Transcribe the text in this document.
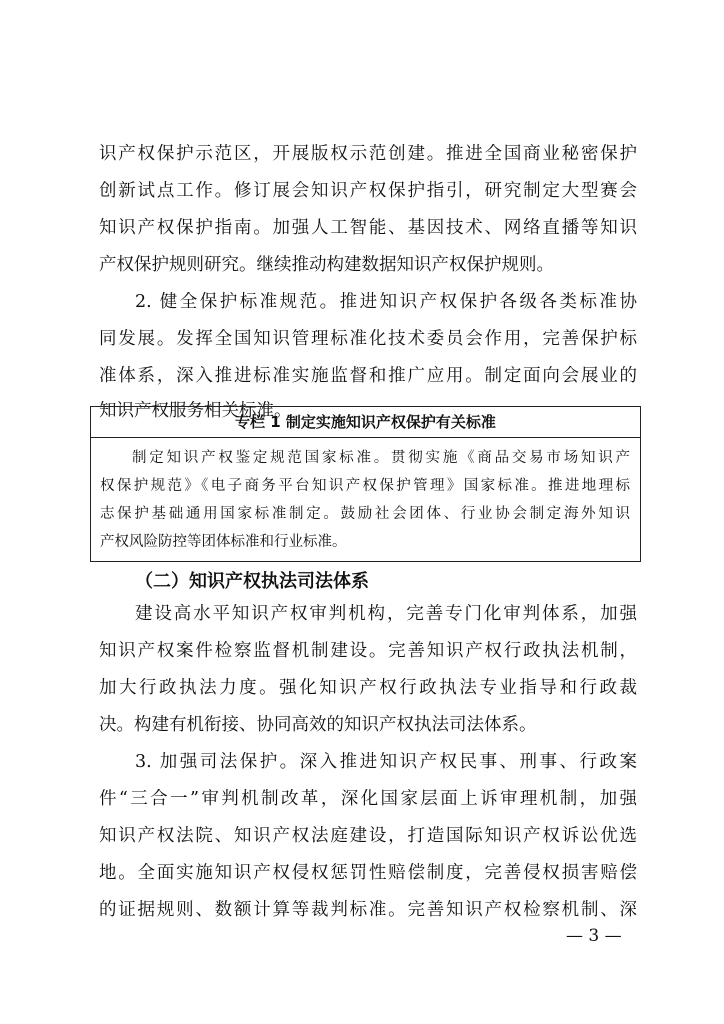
识产权保护示范区，开展版权示范创建。推进全国商业秘密保护

创新试点工作。修订展会知识产权保护指引，研究制定大型赛会

知识产权保护指南。加强人工智能、基因技术、网络直播等知识

产权保护规则研究。继续推动构建数据知识产权保护规则。

2. 健全保护标准规范。推进知识产权保护各级各类标准协

同发展。发挥全国知识管理标准化技术委员会作用，完善保护标

准体系，深入推进标准实施监督和推广应用。制定面向会展业的

知识产权服务相关标准。

专栏 1 制定实施知识产权保护有关标准

制定知识产权鉴定规范国家标准。贯彻实施《商品交易市场知识产

权保护规范》《电子商务平台知识产权保护管理》国家标准。推进地理标

志保护基础通用国家标准制定。鼓励社会团体、行业协会制定海外知识

产权风险防控等团体标准和行业标准。

（二）知识产权执法司法体系

建设高水平知识产权审判机构，完善专门化审判体系，加强

知识产权案件检察监督机制建设。完善知识产权行政执法机制，

加大行政执法力度。强化知识产权行政执法专业指导和行政裁

决。构建有机衔接、协同高效的知识产权执法司法体系。

3. 加强司法保护。深入推进知识产权民事、刑事、行政案

件“三合一”审判机制改革，深化国家层面上诉审理机制，加强

知识产权法院、知识产权法庭建设，打造国际知识产权诉讼优选

地。全面实施知识产权侵权惩罚性赔偿制度，完善侵权损害赔偿

的证据规则、数额计算等裁判标准。完善知识产权检察机制、深

— 3 —
